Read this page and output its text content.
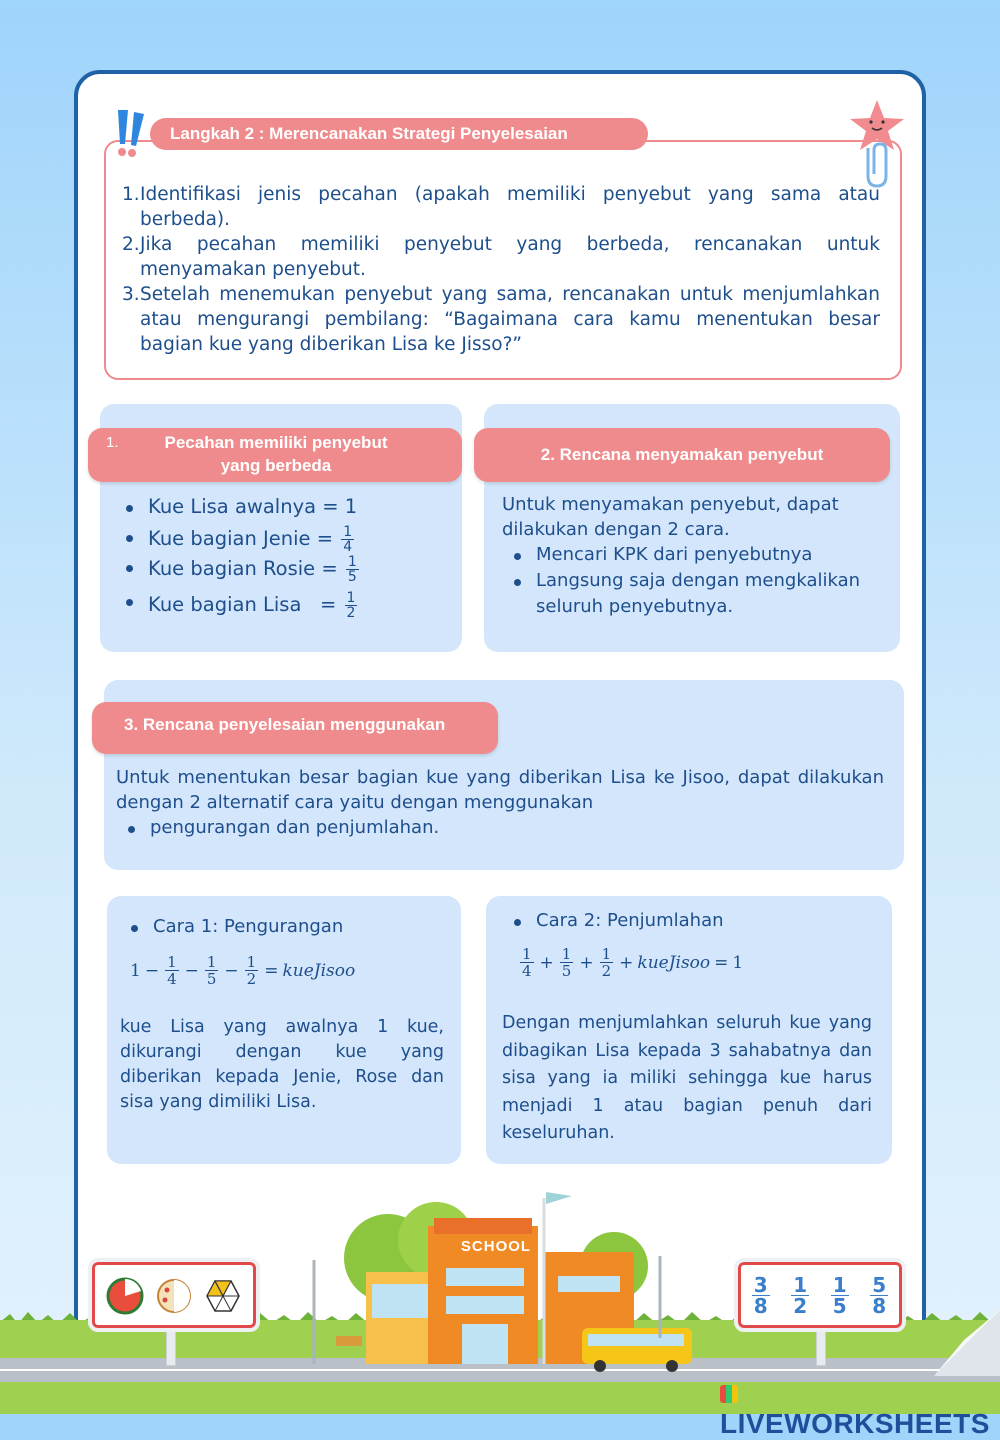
Langkah 2 : Merencanakan Strategi Penyelesaian
1. Identifikasi jenis pecahan (apakah memiliki penyebut yang sama atau berbeda).
2. Jika pecahan memiliki penyebut yang berbeda, rencanakan untuk menyamakan penyebut.
3. Setelah menemukan penyebut yang sama, rencanakan untuk menjumlahkan atau mengurangi pembilang: “Bagaimana cara kamu menentukan besar bagian kue yang diberikan Lisa ke Jisso?”
1.	Pecahan memiliki penyebut yang berbeda
Kue Lisa awalnya = 1
Kue bagian Jenie = $\frac{1}{4}$
Kue bagian Rosie = $\frac{1}{5}$
Kue bagian Lisa   = $\frac{1}{2}$
2. Rencana menyamakan penyebut
Untuk menyamakan penyebut, dapat dilakukan dengan 2 cara.
Mencari KPK dari penyebutnya
Langsung saja dengan mengkalikan seluruh penyebutnya.
3. Rencana penyelesaian menggunakan
Untuk menentukan besar bagian kue yang diberikan Lisa ke Jisoo, dapat dilakukan dengan 2 alternatif cara yaitu dengan menggunakan
pengurangan dan penjumlahan.
Cara 1: Pengurangan
$1 - \frac{1}{4} - \frac{1}{5} - \frac{1}{2}$ = kueJisoo
kue Lisa yang awalnya 1 kue, dikurangi dengan kue yang diberikan kepada Jenie, Rose dan sisa yang dimiliki Lisa.
Cara 2: Penjumlahan
$\frac{1}{4} + \frac{1}{5} + \frac{1}{2}$ + kueJisoo = 1
Dengan menjumlahkan seluruh kue yang dibagikan Lisa kepada 3 sahabatnya dan sisa yang ia miliki sehingga kue harus menjadi 1 atau bagian penuh dari keseluruhan.
SCHOOL
$\frac{3}{8} \frac{1}{2} \frac{1}{5} \frac{5}{8}$
LIVEWORKSHEETS
